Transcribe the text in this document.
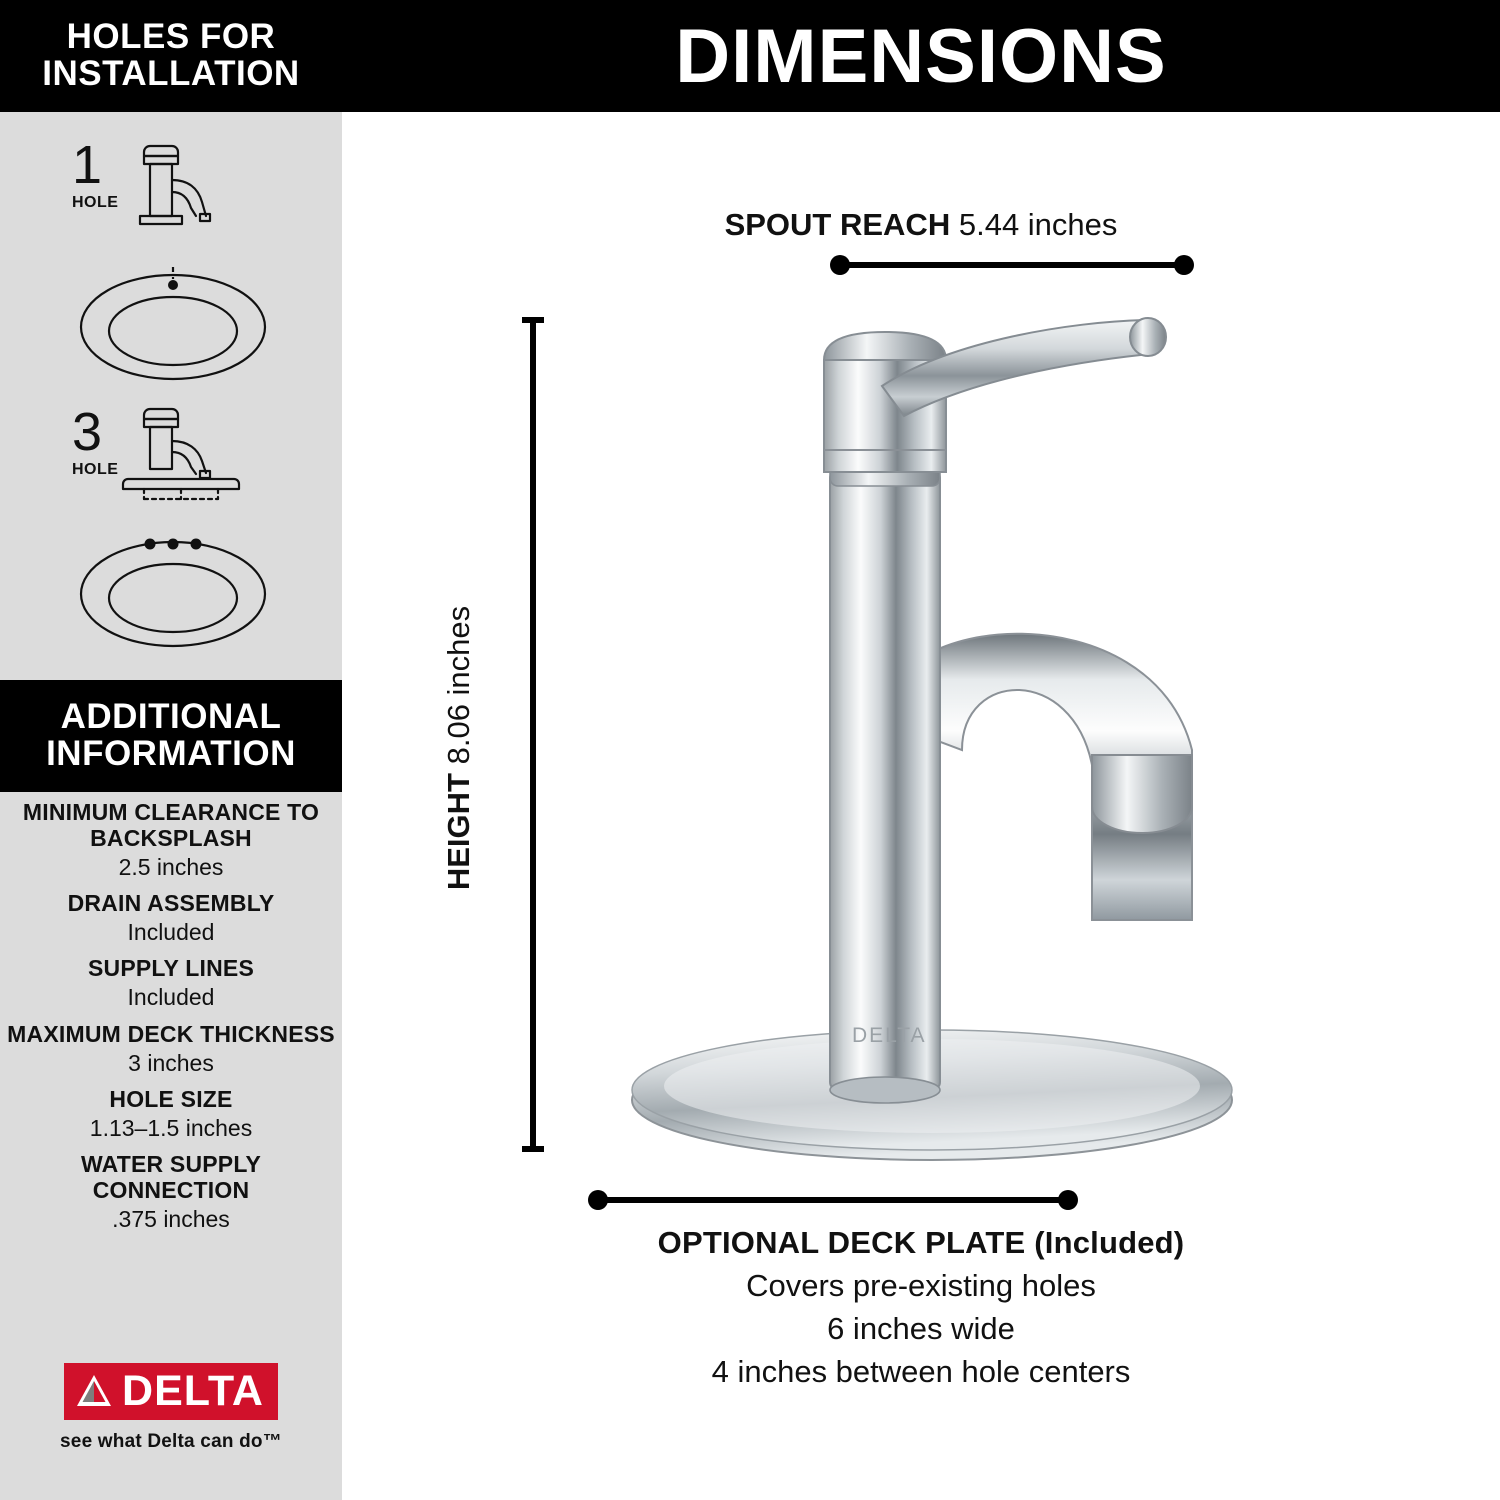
HOLES FOR
INSTALLATION
1
HOLE
3
HOLE
ADDITIONAL
INFORMATION
MINIMUM CLEARANCE TO BACKSPLASH
2.5 inches
DRAIN ASSEMBLY
Included
SUPPLY LINES
Included
MAXIMUM DECK THICKNESS
3 inches
HOLE SIZE
1.13–1.5 inches
WATER SUPPLY CONNECTION
.375 inches
DELTA
see what Delta can do™
DIMENSIONS
SPOUT REACH 5.44 inches
HEIGHT 8.06 inches
DELTA
OPTIONAL DECK PLATE (Included)
Covers pre-existing holes
6 inches wide
4 inches between hole centers
